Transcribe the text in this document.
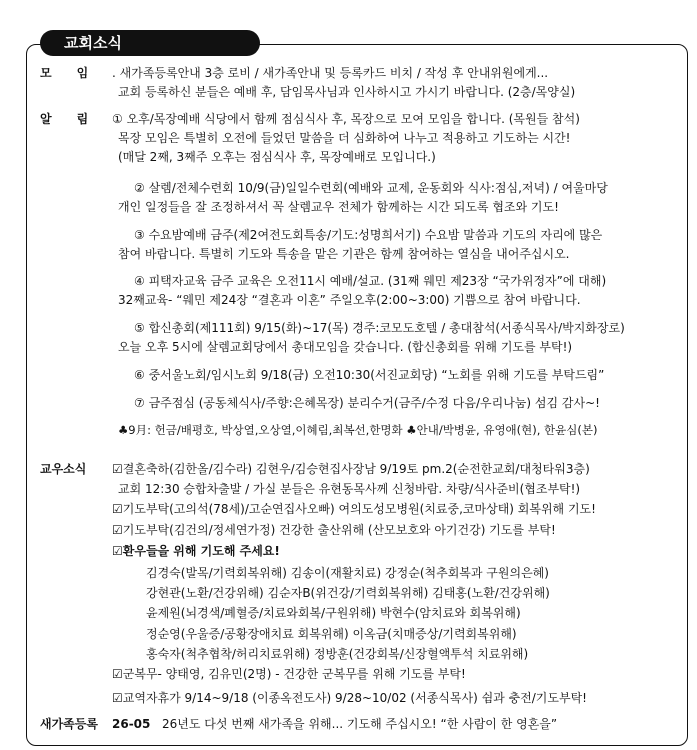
교회소식
모      임 . 새가족등록안내 3층 로비 / 새가족안내 및 등록카드 비치 / 작성 후 안내위원에게...
교회 등록하신 분들은 예배 후, 담임목사님과 인사하시고 가시기 바랍니다. (2층/목양실)
알      림 ① 오후/목장예배 식당에서 함께 점심식사 후, 목장으로 모여 모임을 합니다. (목원들 참석)
목장 모임은 특별히 오전에 들었던 말씀을 더 심화하여 나누고 적용하고 기도하는 시간!
(매달 2째, 3째주 오후는 점심식사 후, 목장예배로 모입니다.)
② 살렘/전체수련회 10/9(금)일일수련회(예배와 교제, 운동회와 식사:점심,저녁) / 여울마당
개인 일정들을 잘 조정하셔서 꼭 살렘교우 전체가 함께하는 시간 되도록 협조와 기도!
③ 수요밤예배 금주(제2여전도회특송/기도:성명희서기) 수요밤 말씀과 기도의 자리에 많은
참여 바랍니다. 특별히 기도와 특송을 맡은 기관은 함께 참여하는 열심을 내어주십시오.
④ 피택자교육 금주 교육은 오전11시 예배/설교. (31째 웨민 제23장 “국가위정자”에 대해)
32째교육- “웨민 제24장 “결혼과 이혼” 주일오후(2:00~3:00) 기쁨으로 참여 바랍니다.
⑤ 합신총회(제111회) 9/15(화)~17(목) 경주:코모도호텔 / 총대참석(서종식목사/박지화장로)
오늘 오후 5시에 살렘교회당에서 총대모임을 갖습니다. (합신총회를 위해 기도를 부탁!)
⑥ 중서울노회/임시노회 9/18(금) 오전10:30(서진교회당) “노회를 위해 기도를 부탁드림”
⑦ 금주점심 (공동체식사/주향:은혜목장) 분리수거(금주/수정 다음/우리나눔) 섬김 감사~!
♣9月: 헌금/배평호, 박상열,오상열,이혜림,최복선,한명화 ♣안내/박병윤, 유영애(현), 한윤심(본)
교우소식
☑	결혼축하(김한올/김수라) 김현우/김승현집사장남 9/19토 pm.2(순전한교회/대청타워3층)
교회 12:30 승합차출발 / 가실 분들은 유현동목사께 신청바람. 차량/식사준비(협조부탁!)
☑ 기도부탁(고의석(78세)/고순연집사오빠) 여의도성모병원(치료중,코마상태) 회복위해 기도!
☑ 기도부탁(김건의/정세연가정) 건강한 출산위해 (산모보호와 아기건강) 기도를 부탁!
☑ 환우들을 위해 기도해 주세요!
김경숙(발목/기력회복위해) 김송이(재활치료) 강정순(척추회복과 구원의은혜)
강현관(노환/건강위해) 김순자B(위건강/기력회복위해) 김태홍(노환/건강위해)
윤제원(뇌경색/폐혈증/치료와회복/구원위해) 박현수(암치료와 회복위해)
정순영(우울증/공황장애치료 회복위해) 이옥금(치매증상/기력회복위해)
홍숙자(척추협착/허리치료위해) 정방훈(건강회복/신장혈액투석 치료위해)
☑ 군복무- 양태영, 김유민(2명) - 건강한 군복무를 위해 기도를 부탁!
☑ 교역자휴가 9/14~9/18 (이종옥전도사) 9/28~10/02 (서종식목사) 쉼과 충전/기도부탁!
새가족등록 26-05 26년도 다섯 번째 새가족을 위해... 기도해 주십시오! “한 사람이 한 영혼을”
